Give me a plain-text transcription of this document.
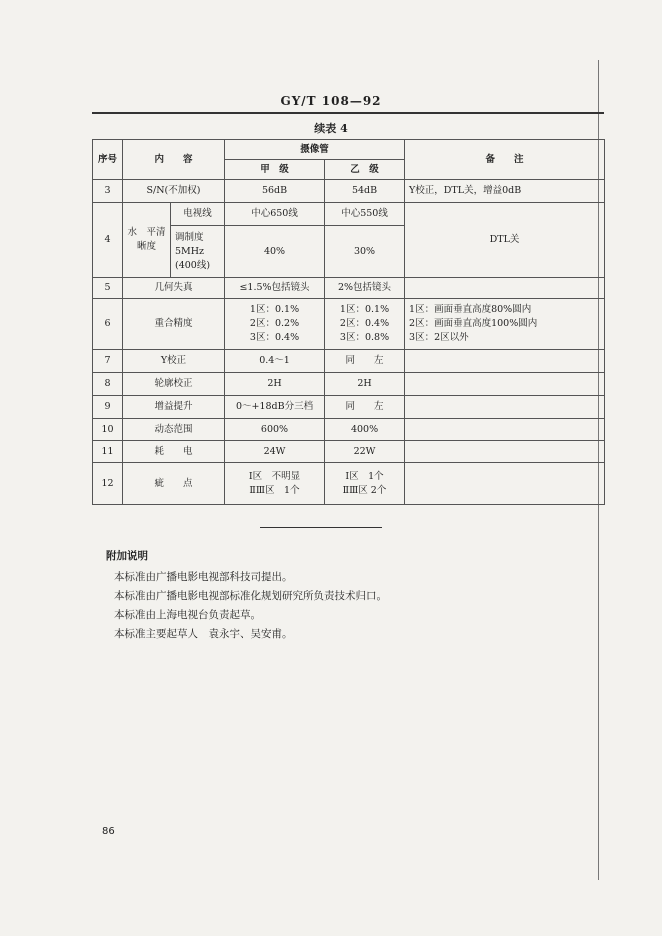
GY/T 108—92
续表 4
序号	内　　容		摄像管		备　　注
			甲　级	乙　级	
3	S/N(不加权)		56dB	54dB	Y校正，DTL关，增益0dB
4	水　平清晰度	电视线	中心650线	中心550线	DTL关

		调制度
5MHz
(400线)	40%	30%	
5	几何失真		≤1.5%包括镜头	2%包括镜头	
6	重合精度		1区：0.1%
2区：0.2%
3区：0.4%	1区：0.1%
2区：0.4%
3区：0.8%	1区：画面垂直高度80%圆内
2区：画面垂直高度100%圆内
3区：2区以外

7	Y校正		0.4～1	同　　左	
8	轮廓校正		2H	2H	
9	增益提升		0～+18dB分三档	同　　左	
10	动态范围		600%	400%	
11	耗　　电		24W	22W	
12	疵　　点		Ⅰ区　不明显
ⅡⅢ区　1个	Ⅰ区　1个
ⅡⅢ区 2个	

附加说明
本标准由广播电影电视部科技司提出。
本标准由广播电影电视部标准化规划研究所负责技术归口。
本标准由上海电视台负责起草。
本标准主要起草人　袁永宇、吴安甫。
86
